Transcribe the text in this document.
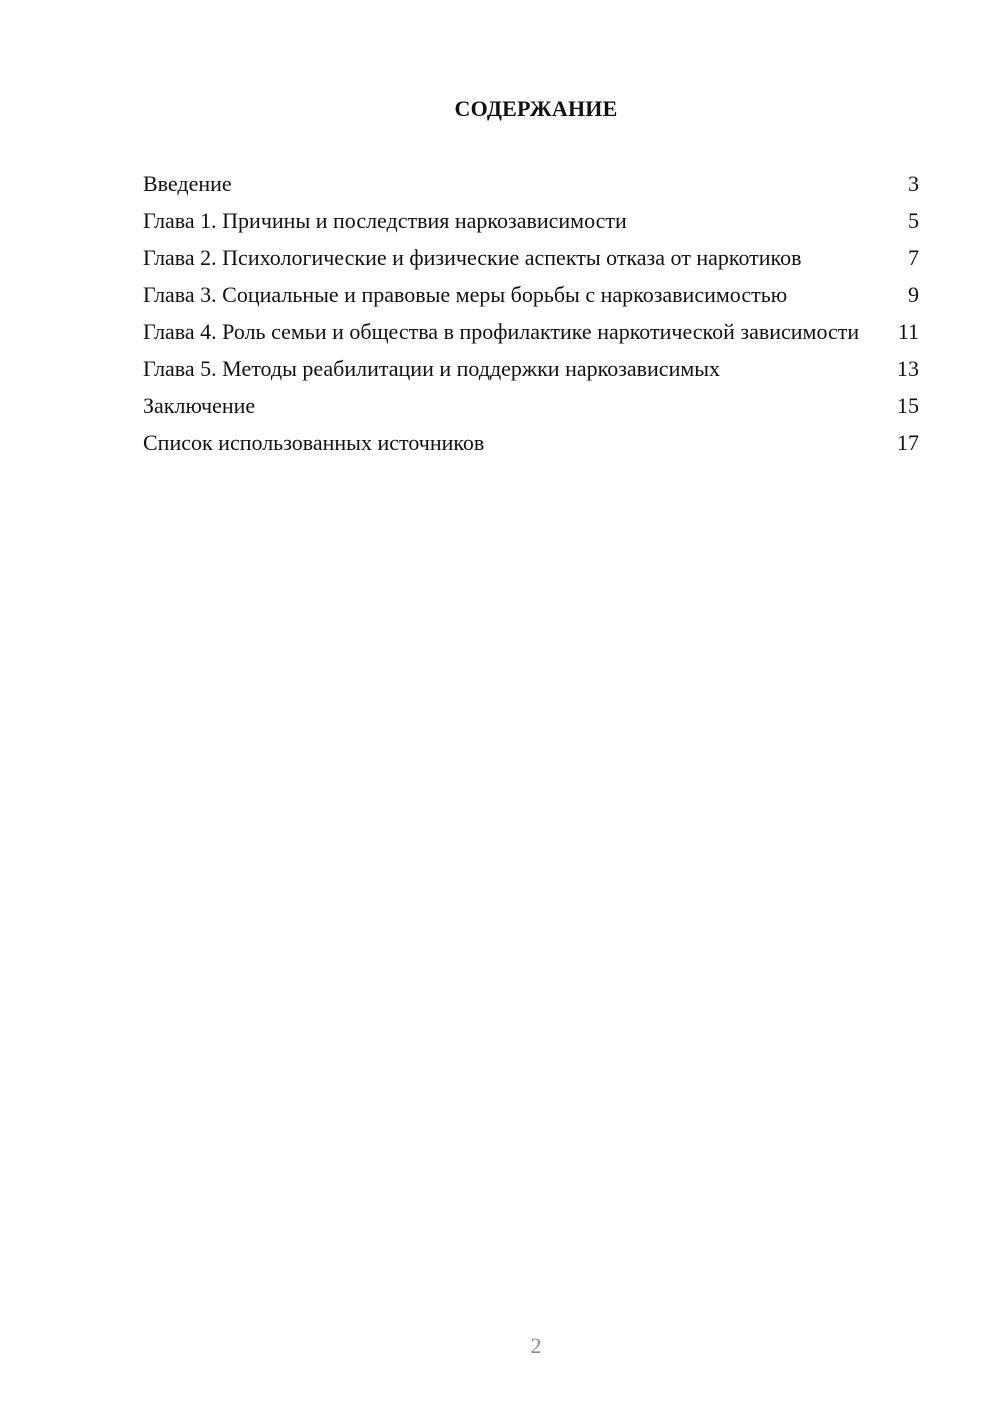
СОДЕРЖАНИЕ
Введение	3
Глава 1. Причины и последствия наркозависимости	5
Глава 2. Психологические и физические аспекты отказа от наркотиков	7
Глава 3. Социальные и правовые меры борьбы с наркозависимостью	9
Глава 4. Роль семьи и общества в профилактике наркотической зависимости	11
Глава 5. Методы реабилитации и поддержки наркозависимых	13
Заключение	15
Список использованных источников	17
2
